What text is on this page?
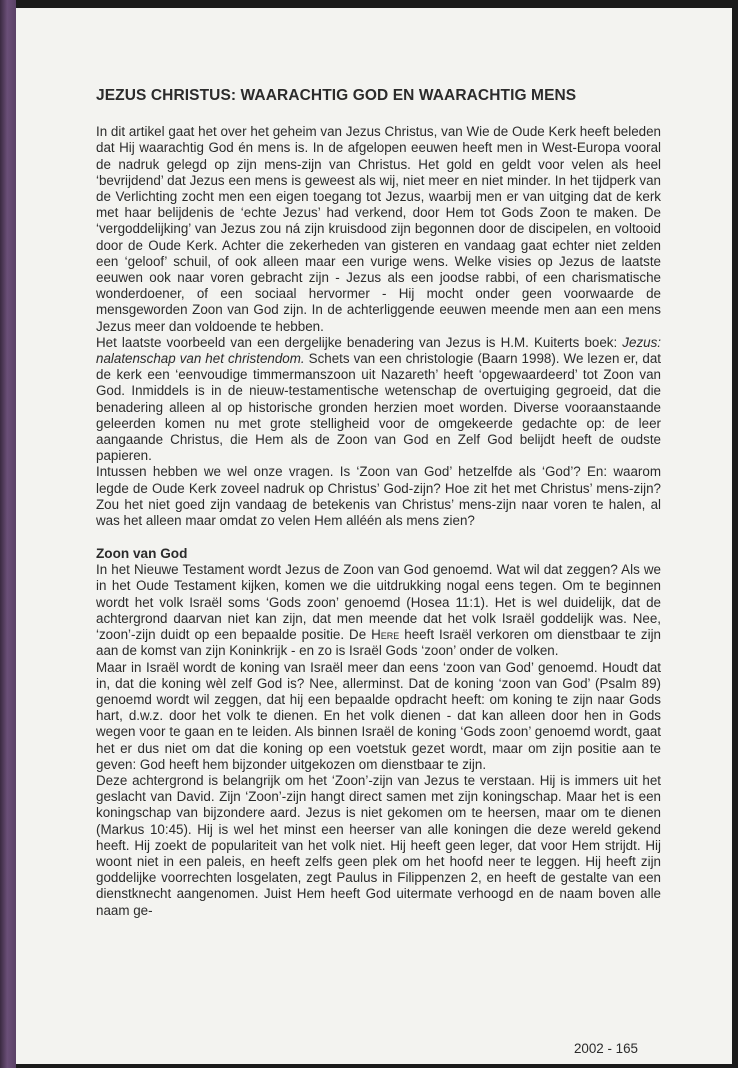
JEZUS CHRISTUS: WAARACHTIG GOD EN WAARACHTIG MENS

In dit artikel gaat het over het geheim van Jezus Christus, van Wie de Oude Kerk heeft beleden dat Hij waarachtig God én mens is. In de afgelopen eeuwen heeft men in West-Europa vooral de nadruk gelegd op zijn mens-zijn van Christus. Het gold en geldt voor velen als heel ‘bevrijdend’ dat Jezus een mens is geweest als wij, niet meer en niet minder. In het tijdperk van de Verlichting zocht men een eigen toegang tot Jezus, waarbij men er van uitging dat de kerk met haar belijdenis de ‘echte Jezus’ had verkend, door Hem tot Gods Zoon te maken. De ‘vergoddelijking’ van Jezus zou ná zijn kruisdood zijn begonnen door de discipelen, en voltooid door de Oude Kerk. Achter die zekerheden van gisteren en vandaag gaat echter niet zelden een ‘geloof’ schuil, of ook alleen maar een vurige wens. Welke visies op Jezus de laatste eeuwen ook naar voren gebracht zijn - Jezus als een joodse rabbi, of een charismatische wonderdoener, of een sociaal hervormer - Hij mocht onder geen voorwaarde de mensgeworden Zoon van God zijn. In de achterliggende eeuwen meende men aan een mens Jezus meer dan voldoende te hebben.

Het laatste voorbeeld van een dergelijke benadering van Jezus is H.M. Kuiterts boek: Jezus: nalatenschap van het christendom. Schets van een christologie (Baarn 1998). We lezen er, dat de kerk een ‘eenvoudige timmermanszoon uit Nazareth’ heeft ‘opgewaardeerd’ tot Zoon van God. Inmiddels is in de nieuw-testamentische wetenschap de overtuiging gegroeid, dat die benadering alleen al op historische gronden herzien moet worden. Diverse vooraanstaande geleerden komen nu met grote stelligheid voor de omgekeerde gedachte op: de leer aangaande Christus, die Hem als de Zoon van God en Zelf God belijdt heeft de oudste papieren.

Intussen hebben we wel onze vragen. Is ‘Zoon van God’ hetzelfde als ‘God’? En: waarom legde de Oude Kerk zoveel nadruk op Christus’ God-zijn? Hoe zit het met Christus’ mens-zijn? Zou het niet goed zijn vandaag de betekenis van Christus’ mens-zijn naar voren te halen, al was het alleen maar omdat zo velen Hem alléén als mens zien?

Zoon van God

In het Nieuwe Testament wordt Jezus de Zoon van God genoemd. Wat wil dat zeggen? Als we in het Oude Testament kijken, komen we die uitdrukking nogal eens tegen. Om te beginnen wordt het volk Israël soms ‘Gods zoon’ genoemd (Hosea 11:1). Het is wel duidelijk, dat de achtergrond daarvan niet kan zijn, dat men meende dat het volk Israël goddelijk was. Nee, ‘zoon’-zijn duidt op een bepaalde positie. De Here heeft Israël verkoren om dienstbaar te zijn aan de komst van zijn Koninkrijk - en zo is Israël Gods ‘zoon’ onder de volken.

Maar in Israël wordt de koning van Israël meer dan eens ‘zoon van God’ genoemd. Houdt dat in, dat die koning wèl zelf God is? Nee, allerminst. Dat de koning ‘zoon van God’ (Psalm 89) genoemd wordt wil zeggen, dat hij een bepaalde opdracht heeft: om koning te zijn naar Gods hart, d.w.z. door het volk te dienen. En het volk dienen - dat kan alleen door hen in Gods wegen voor te gaan en te leiden. Als binnen Israël de koning ‘Gods zoon’ genoemd wordt, gaat het er dus niet om dat die koning op een voetstuk gezet wordt, maar om zijn positie aan te geven: God heeft hem bijzonder uitgekozen om dienstbaar te zijn.

Deze achtergrond is belangrijk om het ‘Zoon’-zijn van Jezus te verstaan. Hij is immers uit het geslacht van David. Zijn ‘Zoon’-zijn hangt direct samen met zijn koningschap. Maar het is een koningschap van bijzondere aard. Jezus is niet gekomen om te heersen, maar om te dienen (Markus 10:45). Hij is wel het minst een heerser van alle koningen die deze wereld gekend heeft. Hij zoekt de populariteit van het volk niet. Hij heeft geen leger, dat voor Hem strijdt. Hij woont niet in een paleis, en heeft zelfs geen plek om het hoofd neer te leggen. Hij heeft zijn goddelijke voorrechten losgelaten, zegt Paulus in Filippenzen 2, en heeft de gestalte van een dienstknecht aangenomen. Juist Hem heeft God uitermate verhoogd en de naam boven alle naam ge-

2002 - 165
